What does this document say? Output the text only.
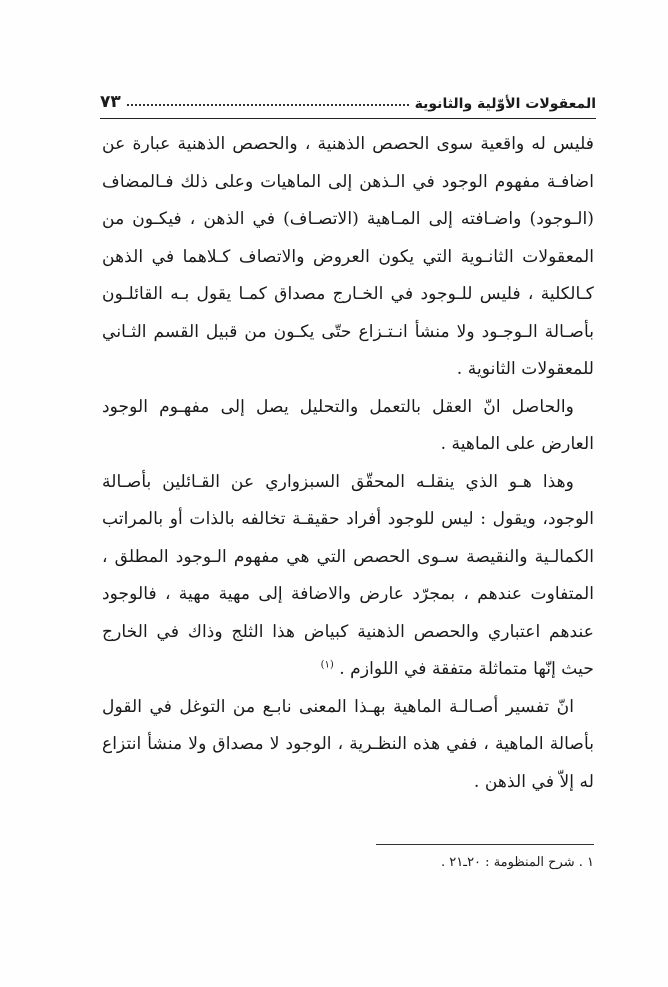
المعقولات الأوّلية والثانوية
٧٣

فليس له واقعية سوى الحصص الذهنية ، والحصص الذهنية عبارة عن اضافـة مفهوم الوجود في الـذهن إلى الماهيات وعلى ذلك فـالمضاف (الـوجود) واضـافته إلى المـاهية (الاتصـاف) في الذهن ، فيكـون من المعقولات الثانـوية التي يكون العروض والاتصاف كـلاهما في الذهن كـالكلية ، فليس للـوجود في الخـارج مصداق كمـا يقول بـه القائلـون بأصـالة الـوجـود ولا منشأ انـتـزاع حتّى يكـون من قبيل القسم الثـاني للمعقولات الثانوية .

والحاصل انّ العقل بالتعمل والتحليل يصل إلى مفهـوم الوجود العارض على الماهية .

وهذا هـو الذي ينقلـه المحقّق السبزواري عن القـائلين بأصـالة الوجود، ويقول : ليس للوجود أفراد حقيقـة تخالفه بالذات أو بالمراتب الكمالـية والنقيصة سـوى الحصص التي هي مفهوم الـوجود المطلق ، المتفاوت عندهم ، بمجرّد عارض والاضافة إلى مهية مهية ، فالوجود عندهم اعتباري والحصص الذهنية كبياض هذا الثلج وذاك في الخارج حيث إنّها متماثلة متفقة في اللوازم . $^{(١)}$

انّ تفسير أصـالـة الماهية بهـذا المعنى نابـع من التوغل في القول بأصالة الماهية ، ففي هذه النظـرية ، الوجود لا مصداق ولا منشأ انتزاع له إلاّ في الذهن .

١ . شرح المنظومة : ٢٠ـ٢١ .
